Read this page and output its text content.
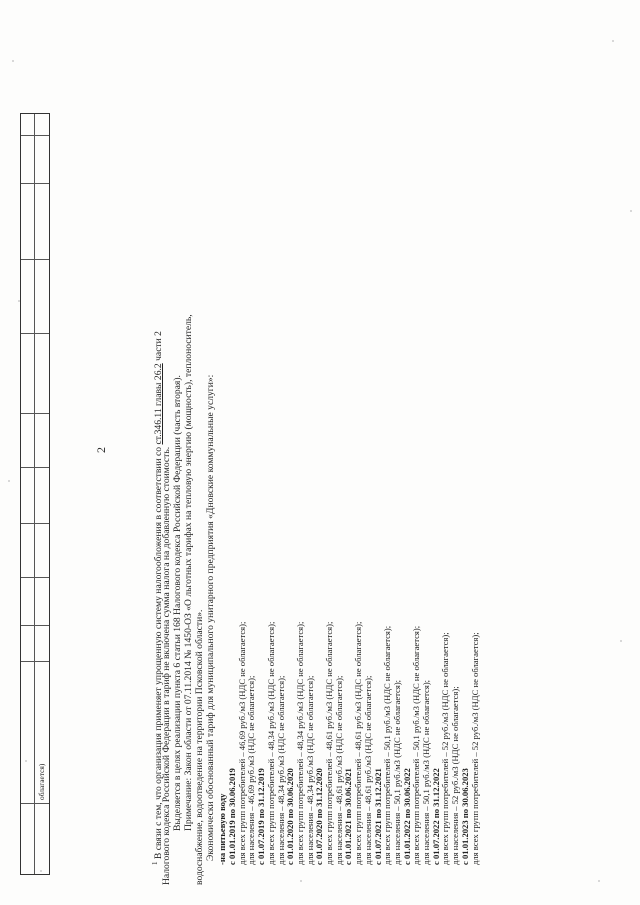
2
облагается)
$^1$ В связи с тем, что организация применяет упрощенную систему налогообложения в соответствии со ст.346.11 главы 26.2 части 2
Налогового кодекса Российской Федерации в тариф не включена сумма налога на добавленную стоимость. Выделяется в целях реализации пункта 6 статьи 168 Налогового кодекса Российской Федерации (часть вторая). Примечание: Закон области от 07.11.2014 № 1450-ОЗ «О льготных тарифах на тепловую энергию (мощность), теплоноситель, водоснабжение, водоотведение на территории Псковской области». Экономически обоснованный тариф для муниципального унитарного предприятия «Дновские коммунальные услуги»: -на питьевую воду с 01.01.2019 по 30.06.2019 для всех групп потребителей – 46,69 руб./м3 (НДС не облагается); для населения – 46,69 руб./м3 (НДС не облагается); с 01.07.2019 по 31.12.2019 для всех групп потребителей – 48,34 руб./м3 (НДС не облагается); для населения – 48,34 руб./м3 (НДС не облагается); с 01.01.2020 по 30.06.2020 для всех групп потребителей – 48,34 руб./м3 (НДС не облагается); для населения – 48,34 руб./м3 (НДС не облагается); с 01.07.2020 по 31.12.2020 для всех групп потребителей – 48,61 руб./м3 (НДС не облагается); для населения – 48,61 руб./м3 (НДС не облагается); с 01.01.2021 по 30.06.2021 для всех групп потребителей – 48,61 руб./м3 (НДС не облагается); для населения – 48,61 руб./м3 (НДС не облагается); с 01.07.2021 по 31.12.2021 для всех групп потребителей – 50,1 руб./м3 (НДС не облагается); для населения – 50,1 руб./м3 (НДС не облагается); с 01.01.2022 по 30.06.2022 для всех групп потребителей – 50,1 руб./м3 (НДС не облагается); для населения – 50,1 руб./м3 (НДС не облагается); с 01.07.2022 по 31.12.2022 для всех групп потребителей – 52 руб./м3 (НДС не облагается); для населения – 52 руб./м3 (НДС не облагается); с 01.01.2023 по 30.06.2023 для всех групп потребителей – 52 руб./м3 (НДС не облагается);
